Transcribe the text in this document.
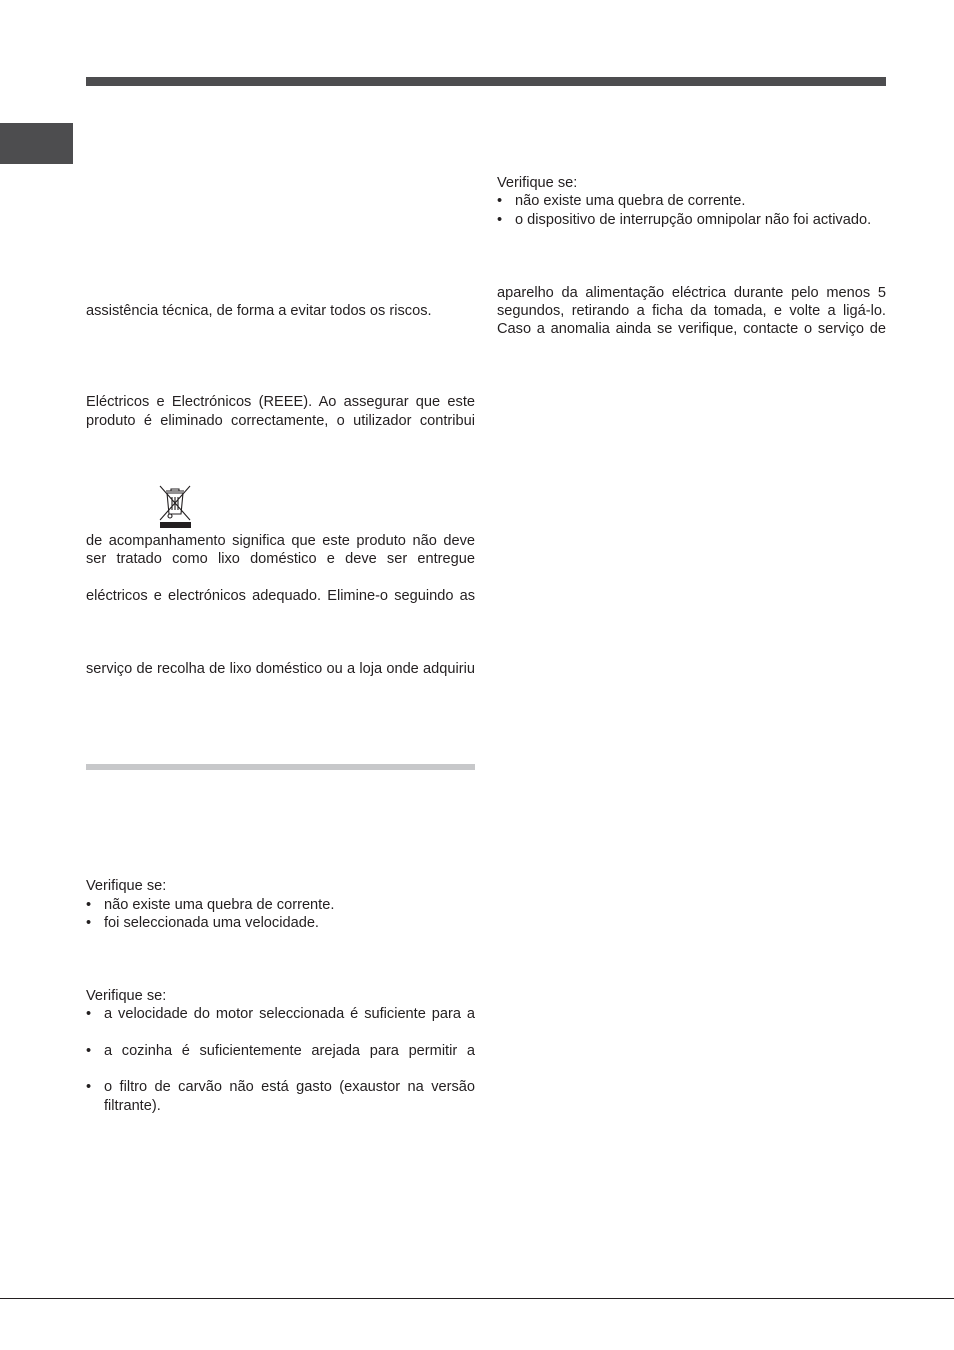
assistência técnica, de forma a evitar todos os riscos.
Eléctricos e Electrónicos (REEE). Ao assegurar que este
produto é eliminado correctamente, o utilizador contribui
de acompanhamento significa que este produto não deve
ser tratado como lixo doméstico e deve ser entregue
eléctricos e electrónicos adequado. Elimine-o seguindo as
serviço de recolha de lixo doméstico ou a loja onde adquiriu
Verifique se:
• não existe uma quebra de corrente.
• foi seleccionada uma velocidade.
Verifique se:
• a velocidade do motor seleccionada é suficiente para a
• a cozinha é suficientemente arejada para permitir a
• o filtro de carvão não está gasto (exaustor na versão
filtrante).
Verifique se:
• não existe uma quebra de corrente.
• o dispositivo de interrupção omnipolar não foi activado.
aparelho da alimentação eléctrica durante pelo menos 5
segundos, retirando a ficha da tomada, e volte a ligá-lo.
Caso a anomalia ainda se verifique, contacte o serviço de
